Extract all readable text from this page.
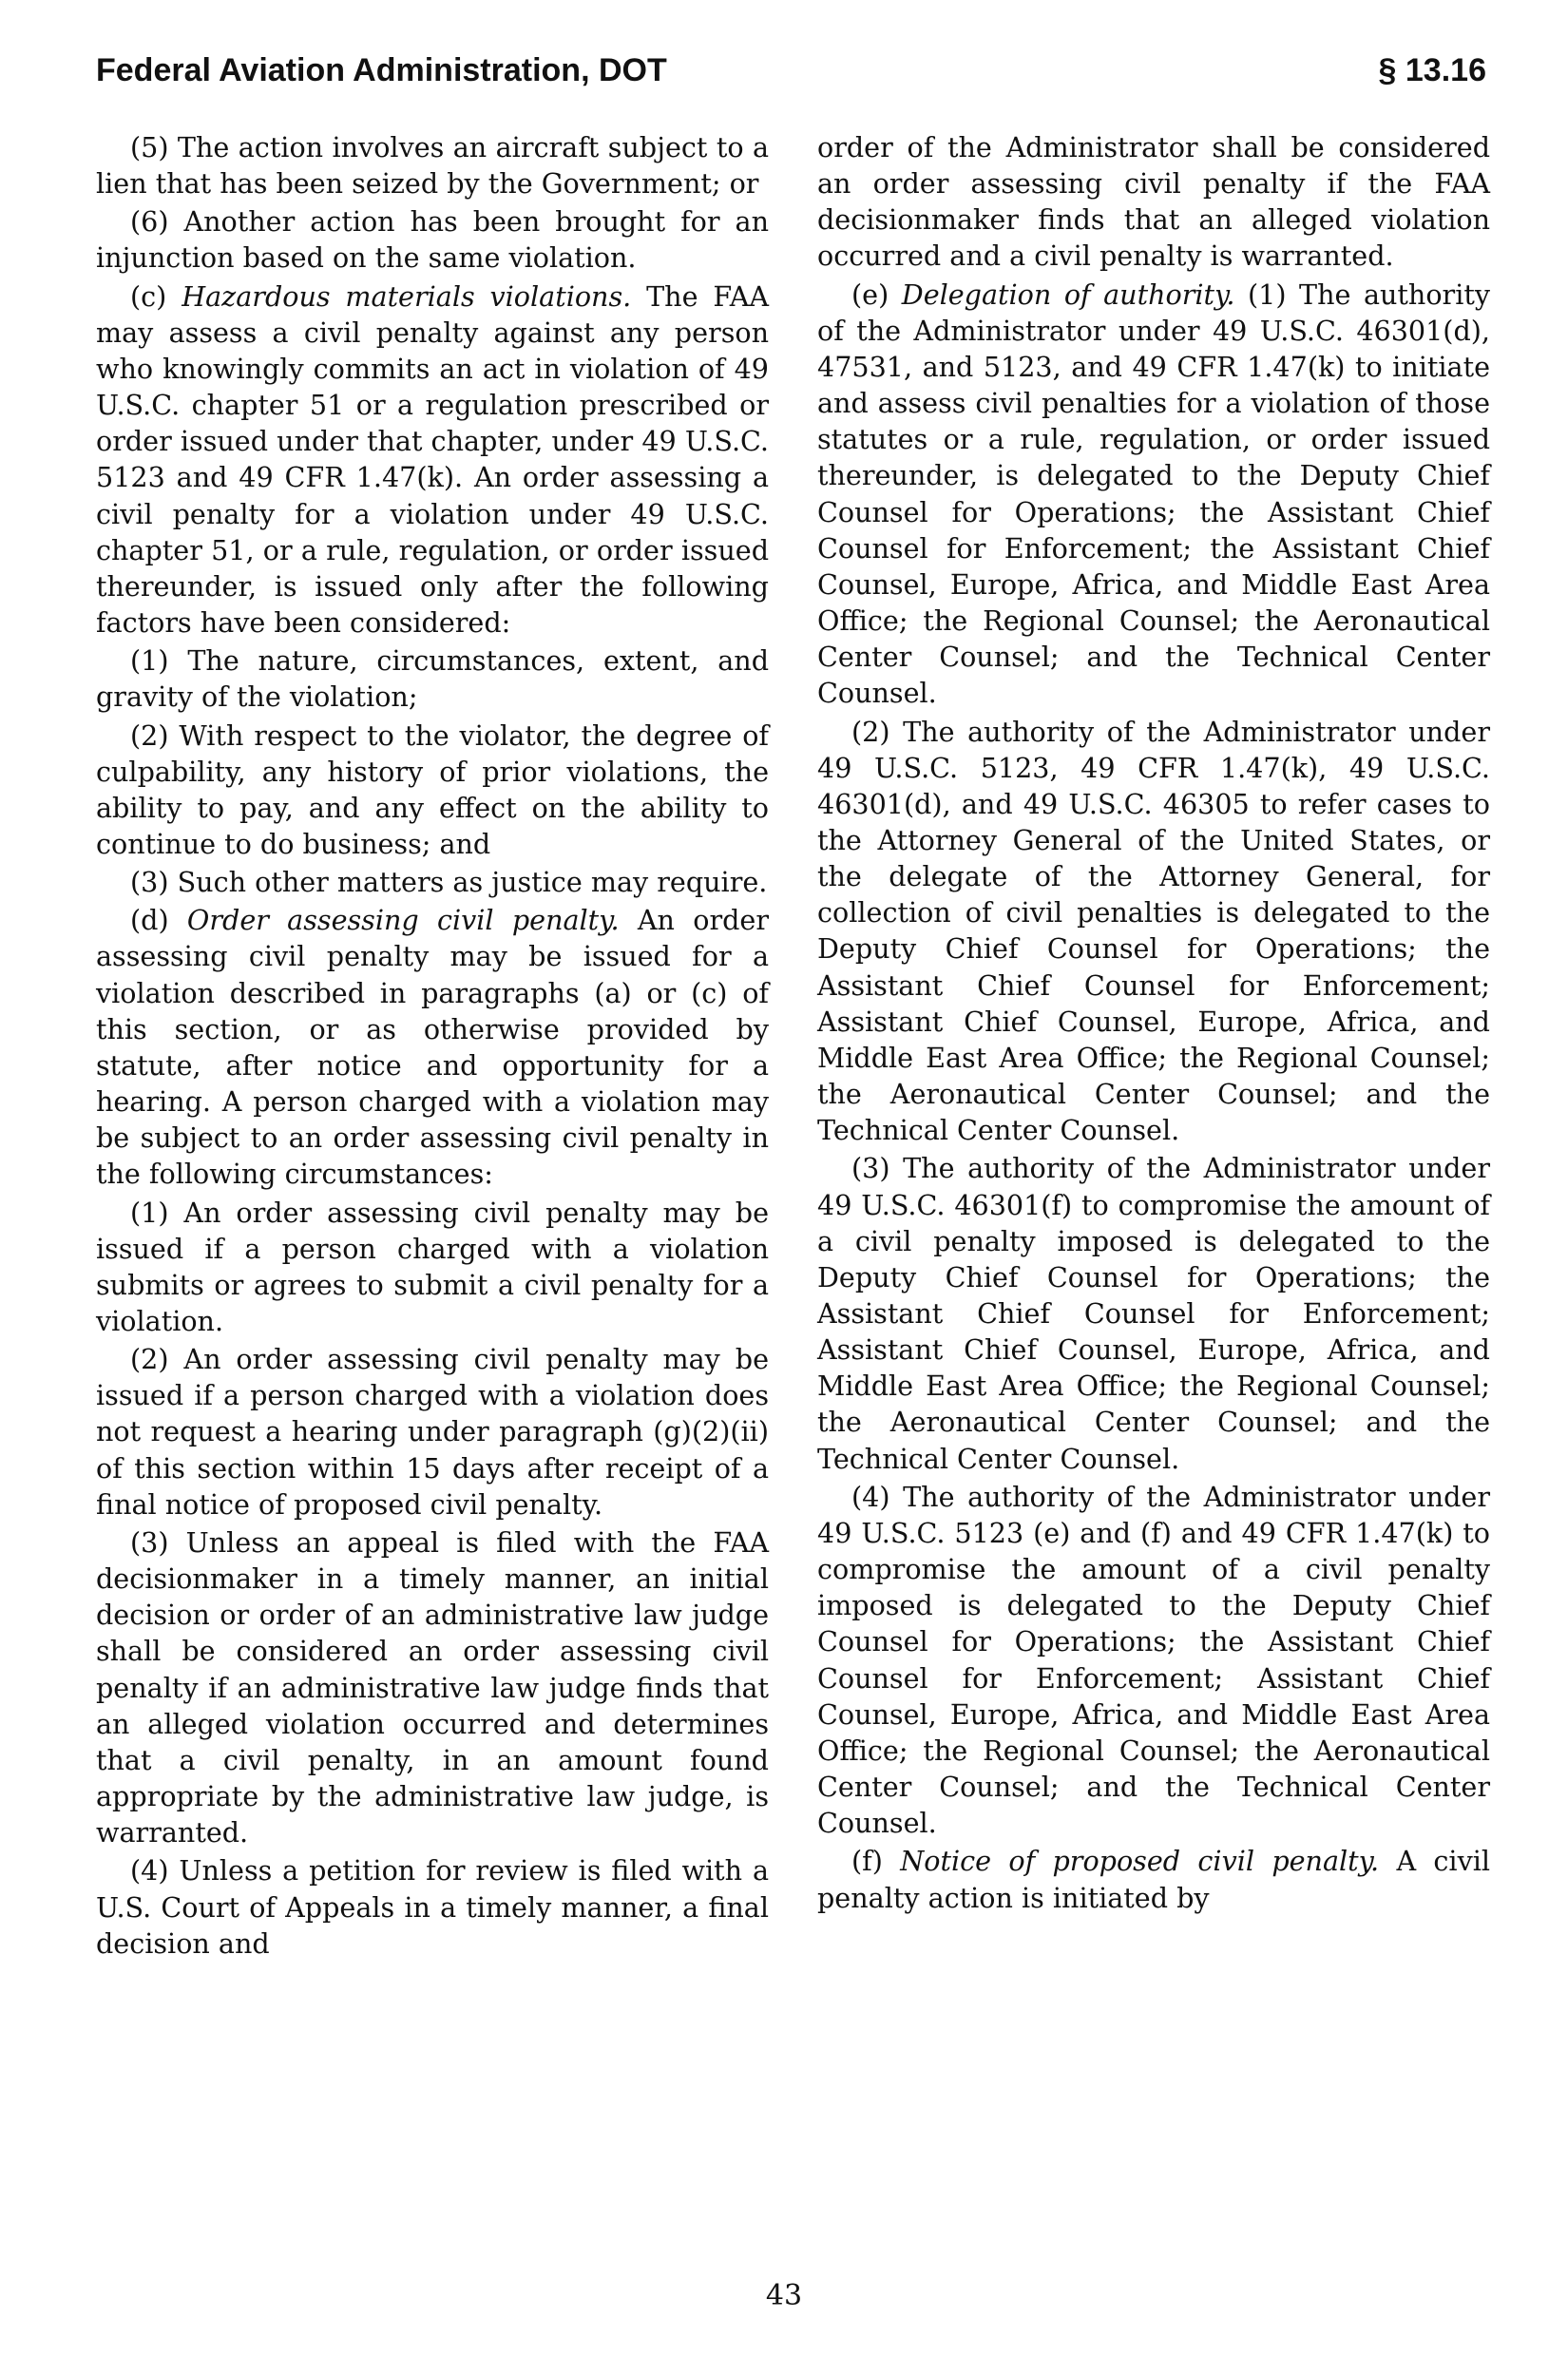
Federal Aviation Administration, DOT	§ 13.16

(5) The action involves an aircraft subject to a lien that has been seized by the Government; or

(6) Another action has been brought for an injunction based on the same violation.

(c) Hazardous materials violations. The FAA may assess a civil penalty against any person who knowingly commits an act in violation of 49 U.S.C. chapter 51 or a regulation prescribed or order issued under that chapter, under 49 U.S.C. 5123 and 49 CFR 1.47(k). An order assessing a civil penalty for a violation under 49 U.S.C. chapter 51, or a rule, regulation, or order issued thereunder, is issued only after the following factors have been considered:

(1) The nature, circumstances, extent, and gravity of the violation;

(2) With respect to the violator, the degree of culpability, any history of prior violations, the ability to pay, and any effect on the ability to continue to do business; and

(3) Such other matters as justice may require.

(d) Order assessing civil penalty. An order assessing civil penalty may be issued for a violation described in paragraphs (a) or (c) of this section, or as otherwise provided by statute, after notice and opportunity for a hearing. A person charged with a violation may be subject to an order assessing civil penalty in the following circumstances:

(1) An order assessing civil penalty may be issued if a person charged with a violation submits or agrees to submit a civil penalty for a violation.

(2) An order assessing civil penalty may be issued if a person charged with a violation does not request a hearing under paragraph (g)(2)(ii) of this section within 15 days after receipt of a final notice of proposed civil penalty.

(3) Unless an appeal is filed with the FAA decisionmaker in a timely manner, an initial decision or order of an administrative law judge shall be considered an order assessing civil penalty if an administrative law judge finds that an alleged violation occurred and determines that a civil penalty, in an amount found appropriate by the administrative law judge, is warranted.

(4) Unless a petition for review is filed with a U.S. Court of Appeals in a timely manner, a final decision and

order of the Administrator shall be considered an order assessing civil penalty if the FAA decisionmaker finds that an alleged violation occurred and a civil penalty is warranted.

(e) Delegation of authority. (1) The authority of the Administrator under 49 U.S.C. 46301(d), 47531, and 5123, and 49 CFR 1.47(k) to initiate and assess civil penalties for a violation of those statutes or a rule, regulation, or order issued thereunder, is delegated to the Deputy Chief Counsel for Operations; the Assistant Chief Counsel for Enforcement; the Assistant Chief Counsel, Europe, Africa, and Middle East Area Office; the Regional Counsel; the Aeronautical Center Counsel; and the Technical Center Counsel.

(2) The authority of the Administrator under 49 U.S.C. 5123, 49 CFR 1.47(k), 49 U.S.C. 46301(d), and 49 U.S.C. 46305 to refer cases to the Attorney General of the United States, or the delegate of the Attorney General, for collection of civil penalties is delegated to the Deputy Chief Counsel for Operations; the Assistant Chief Counsel for Enforcement; Assistant Chief Counsel, Europe, Africa, and Middle East Area Office; the Regional Counsel; the Aeronautical Center Counsel; and the Technical Center Counsel.

(3) The authority of the Administrator under 49 U.S.C. 46301(f) to compromise the amount of a civil penalty imposed is delegated to the Deputy Chief Counsel for Operations; the Assistant Chief Counsel for Enforcement; Assistant Chief Counsel, Europe, Africa, and Middle East Area Office; the Regional Counsel; the Aeronautical Center Counsel; and the Technical Center Counsel.

(4) The authority of the Administrator under 49 U.S.C. 5123 (e) and (f) and 49 CFR 1.47(k) to compromise the amount of a civil penalty imposed is delegated to the Deputy Chief Counsel for Operations; the Assistant Chief Counsel for Enforcement; Assistant Chief Counsel, Europe, Africa, and Middle East Area Office; the Regional Counsel; the Aeronautical Center Counsel; and the Technical Center Counsel.

(f) Notice of proposed civil penalty. A civil penalty action is initiated by

43
